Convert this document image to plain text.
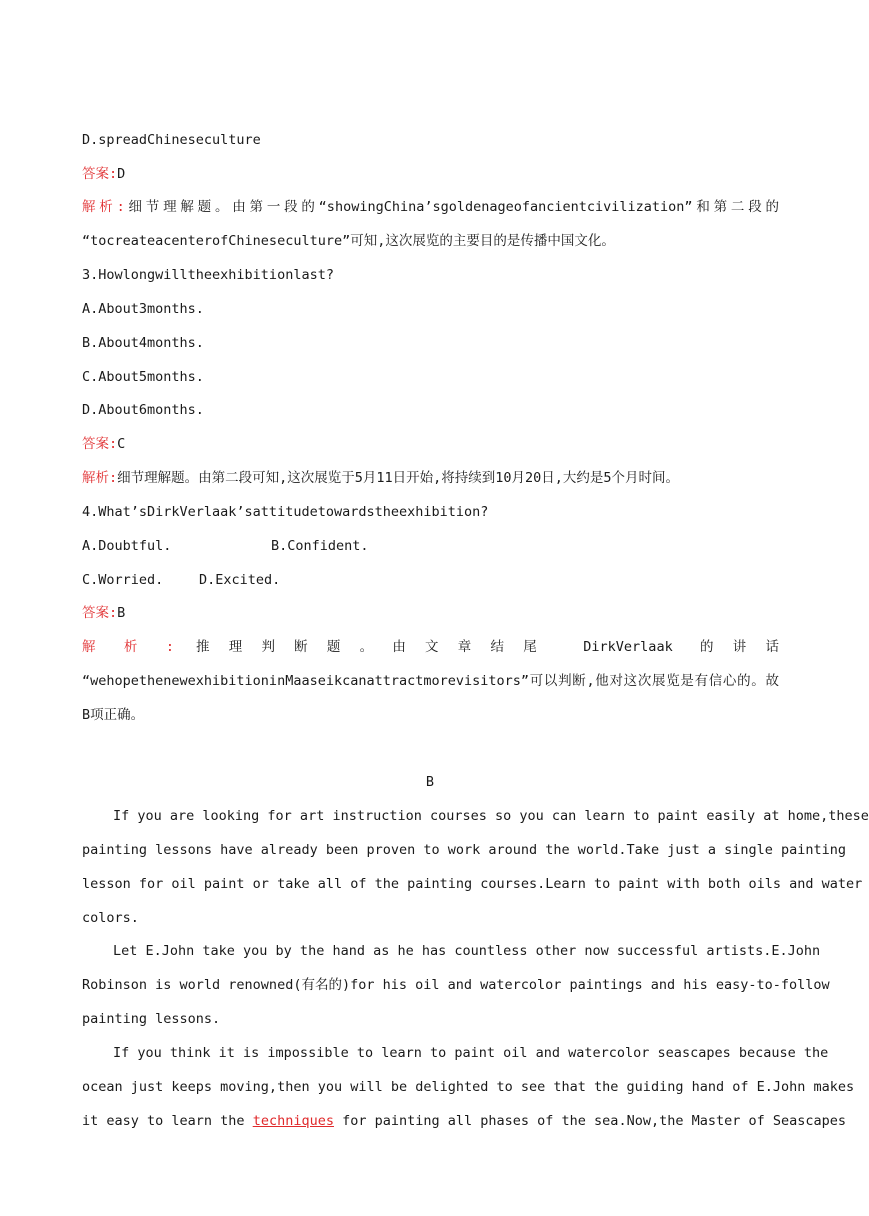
D.spreadChineseculture

答案:D

解析:细节理解题。由第一段的“showingChina’sgoldenageofancientcivilization”和第二段的

“tocreateacenterofChineseculture”可知,这次展览的主要目的是传播中国文化。

3.Howlongwilltheexhibitionlast?

A.About3months.

B.About4months.

C.About5months.

D.About6months.

答案:C

解析:细节理解题。由第二段可知,这次展览于5月11日开始,将持续到10月20日,大约是5个月时间。

4.What’sDirkVerlaak’sattitudetowardstheexhibition?

A.Doubtful.	B.Confident.

C.Worried.	D.Excited.

答案:B

解 析 :	推理判断题。由文章结尾 DirkVerlaak 的讲话

“wehopethenewexhibitioninMaaseikcanattractmorevisitors”可以判断,他对这次展览是有信心的。故

B项正确。

B

If you are looking for art instruction courses so you can learn to paint easily at home,these

painting lessons have already been proven to work around the world.Take just a single painting

lesson for oil paint or take all of the painting courses.Learn to paint with both oils and water

colors.

Let E.John take you by the hand as he has countless other now successful artists.E.John

Robinson is world renowned(有名的)for his oil and watercolor paintings and his easy-to-follow

painting lessons.

If you think it is impossible to learn to paint oil and watercolor seascapes because the

ocean just keeps moving,then you will be delighted to see that the guiding hand of E.John makes

it easy to learn the techniques for painting all phases of the sea.Now,the Master of Seascapes
